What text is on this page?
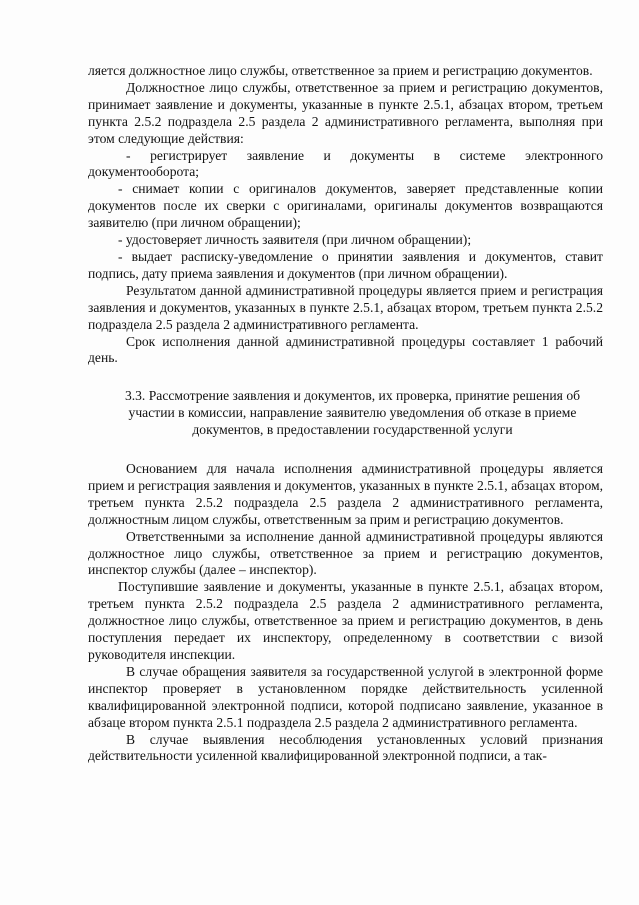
ляется должностное лицо службы, ответственное за прием и регистрацию документов.

Должностное лицо службы, ответственное за прием и регистрацию документов, принимает заявление и документы, указанные в пункте 2.5.1, абзацах втором, третьем пункта 2.5.2 подраздела 2.5 раздела 2 административного регламента, выполняя при этом следующие действия:

- регистрирует заявление и документы в системе электронного документооборота;

- снимает копии с оригиналов документов, заверяет представленные копии документов после их сверки с оригиналами, оригиналы документов возвращаются заявителю (при личном обращении);

- удостоверяет личность заявителя (при личном обращении);

- выдает расписку-уведомление о принятии заявления и документов, ставит подпись, дату приема заявления и документов (при личном обращении).

Результатом данной административной процедуры является прием и регистрация заявления и документов, указанных в пункте 2.5.1, абзацах втором, третьем пункта 2.5.2 подраздела 2.5 раздела 2 административного регламента.

Срок исполнения данной административной процедуры составляет 1 рабочий день.

3.3. Рассмотрение заявления и документов, их проверка, принятие решения об участии в комиссии, направление заявителю уведомления об отказе в приеме документов, в предоставлении государственной услуги

Основанием для начала исполнения административной процедуры является прием и регистрация заявления и документов, указанных в пункте 2.5.1, абзацах втором, третьем пункта 2.5.2 подраздела 2.5 раздела 2 административного регламента, должностным лицом службы, ответственным за прим и регистрацию документов.

Ответственными за исполнение данной административной процедуры являются должностное лицо службы, ответственное за прием и регистрацию документов, инспектор службы (далее – инспектор).

Поступившие заявление и документы, указанные в пункте 2.5.1, абзацах втором, третьем пункта 2.5.2 подраздела 2.5 раздела 2 административного регламента, должностное лицо службы, ответственное за прием и регистрацию документов, в день поступления передает их инспектору, определенному в соответствии с визой руководителя инспекции.

В случае обращения заявителя за государственной услугой в электронной форме инспектор проверяет в установленном порядке действительность усиленной квалифицированной электронной подписи, которой подписано заявление, указанное в абзаце втором пункта 2.5.1 подраздела 2.5 раздела 2 административного регламента.

В случае выявления несоблюдения установленных условий признания действительности усиленной квалифицированной электронной подписи, а так-
